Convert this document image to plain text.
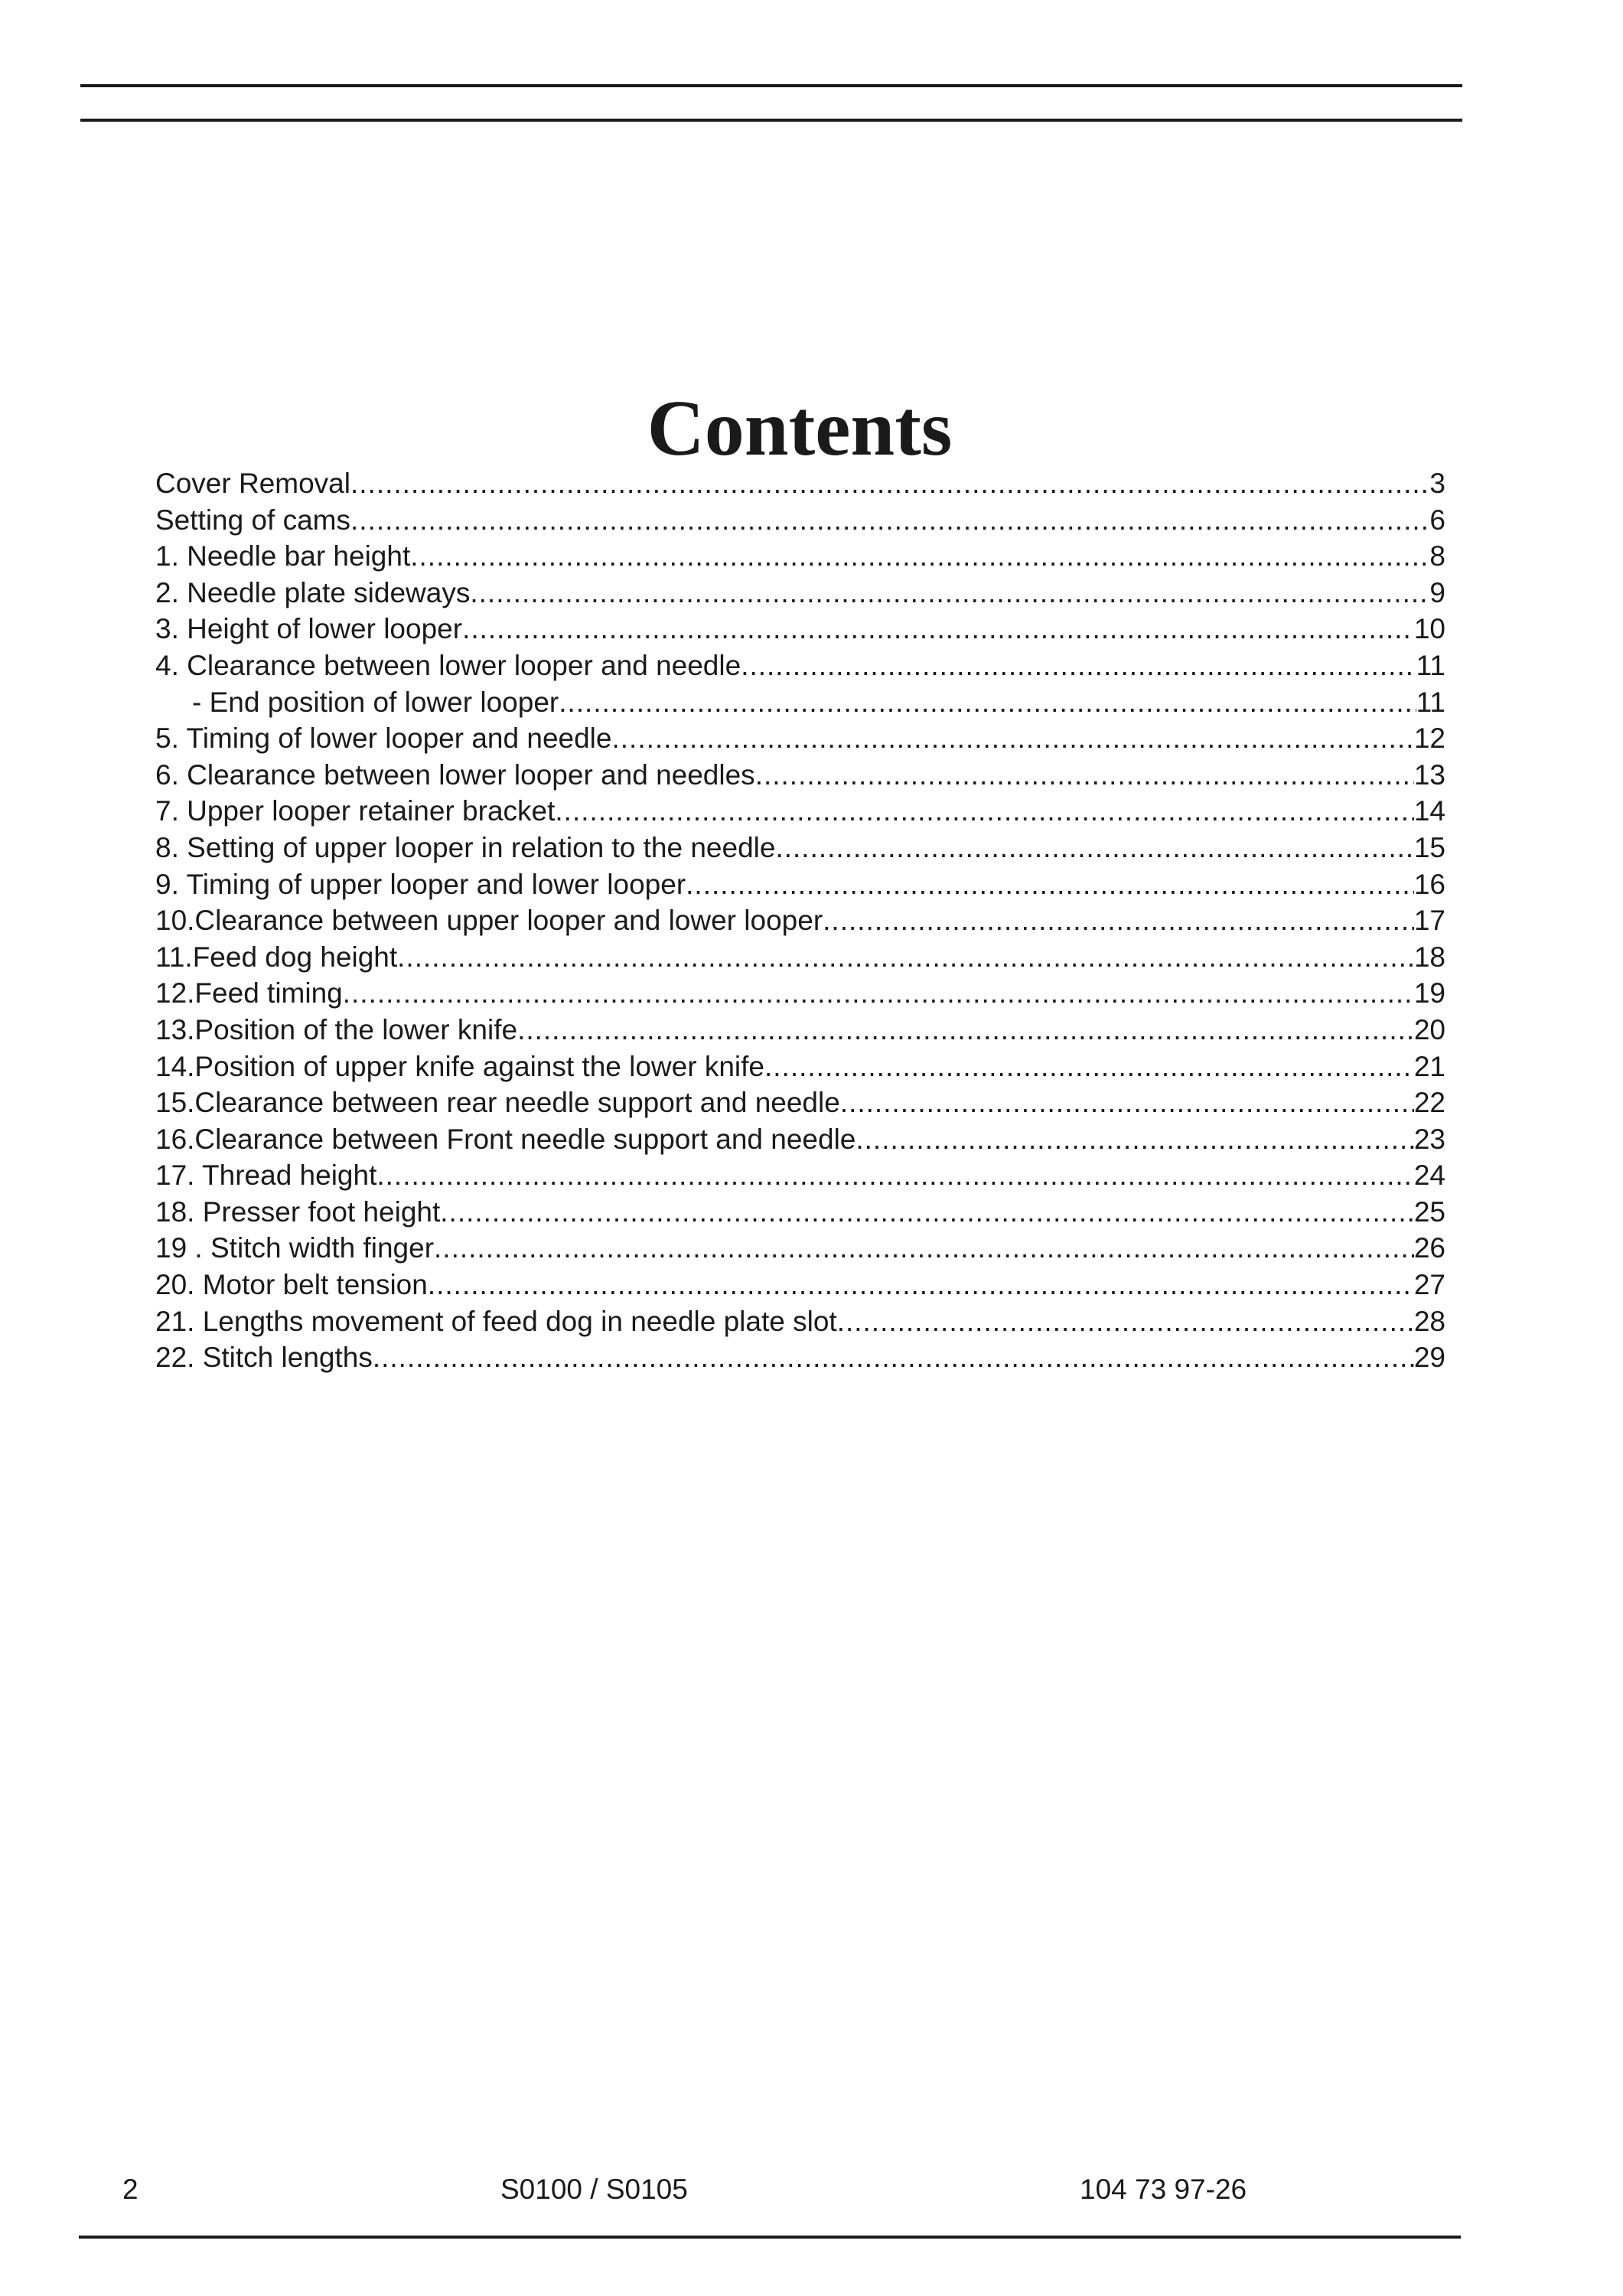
Contents
Cover Removal .....	3
Setting of cams .....	6
1. Needle bar height .....	8
2. Needle plate sideways .....	9
3. Height of lower looper .....	10
4. Clearance between lower looper and needle .....	11
- End position of lower looper .....	11
5. Timing of lower looper and needle .....	12
6. Clearance between lower looper and needles .....	13
7. Upper looper retainer bracket .....	14
8. Setting of upper looper in relation to the needle .....	15
9. Timing of upper looper and lower looper .....	16
10.Clearance between upper looper and lower looper .....	17
11.Feed dog height .....	18
12.Feed timing .....	19
13.Position of the lower knife .....	20
14.Position of upper knife against the lower knife .....	21
15.Clearance between rear needle support and needle .....	22
16.Clearance between Front needle support and needle .....	23
17. Thread height .....	24
18. Presser foot height .....	25
19 . Stitch width finger .....	26
20. Motor belt tension .....	27
21. Lengths movement of feed dog in needle plate slot .....	28
22. Stitch lengths .....	29
2	S0100 / S0105	104 73 97-26
